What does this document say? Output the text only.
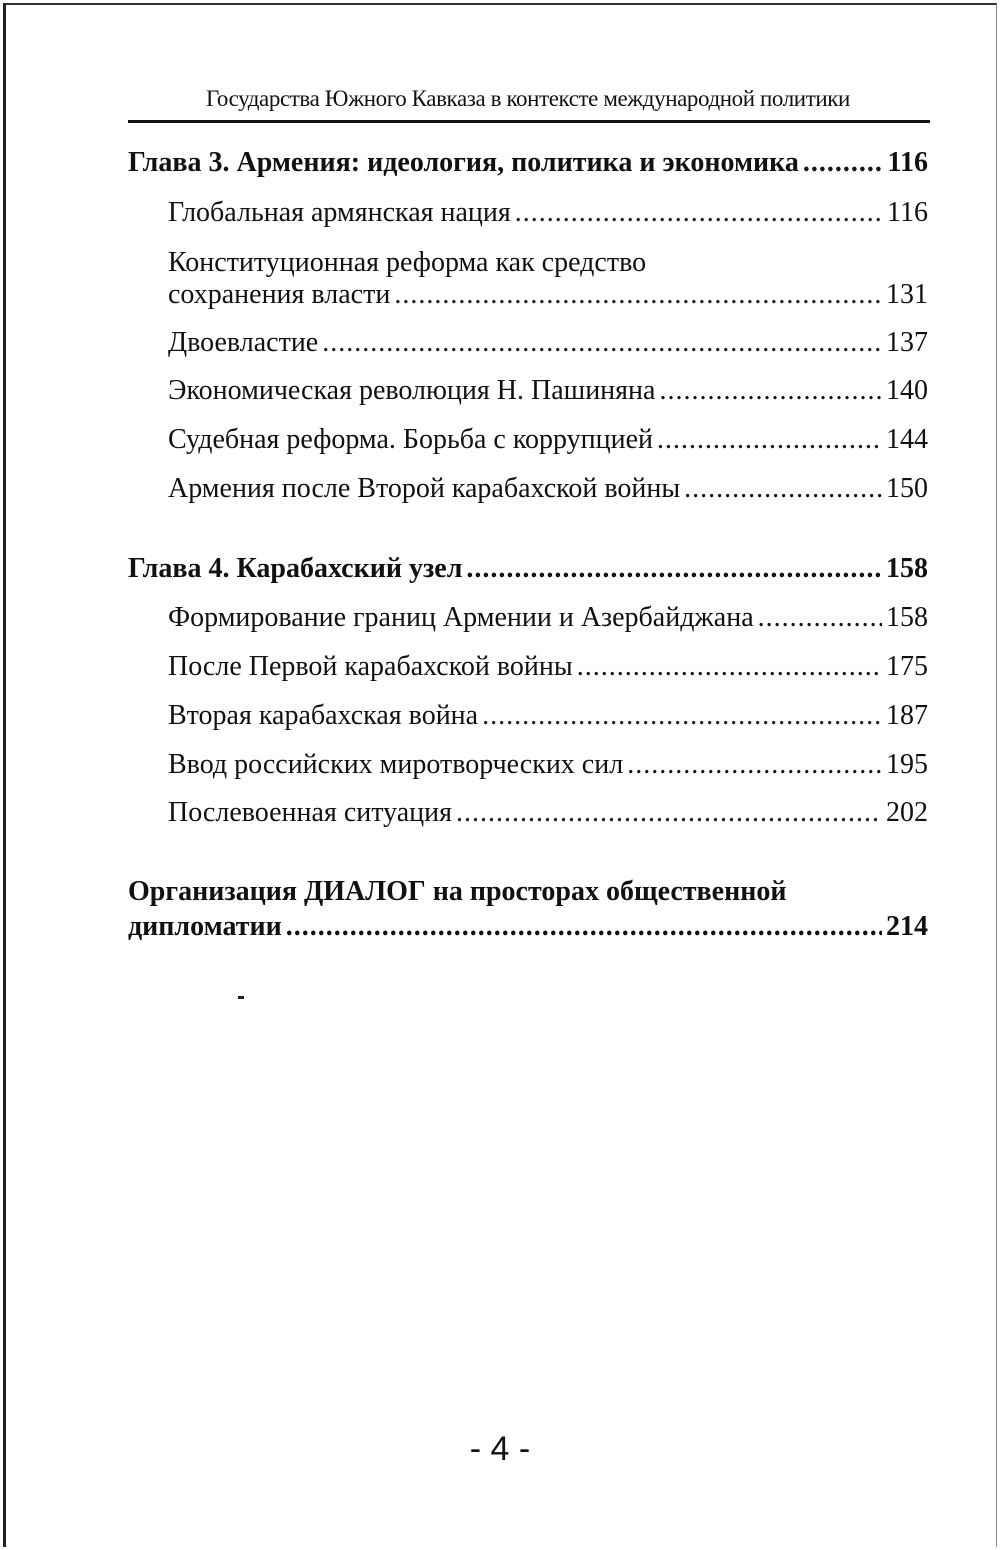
Государства Южного Кавказа в контексте международной политики
Глава 3. Армения: идеология, политика и экономика .....	116
Глобальная армянская нация .....	116
Конституционная реформа как средство
сохранения власти .....	131
Двоевластие .....	137
Экономическая революция Н. Пашиняна .....	140
Судебная реформа. Борьба с коррупцией .....	144
Армения после Второй карабахской войны .....	150
Глава 4. Карабахский узел .....	158
Формирование границ Армении и Азербайджана .....	158
После Первой карабахской войны .....	175
Вторая карабахская война .....	187
Ввод российских миротворческих сил .....	195
Послевоенная ситуация .....	202
Организация ДИАЛОГ на просторах общественной
дипломатии .....	214
- 4 -
